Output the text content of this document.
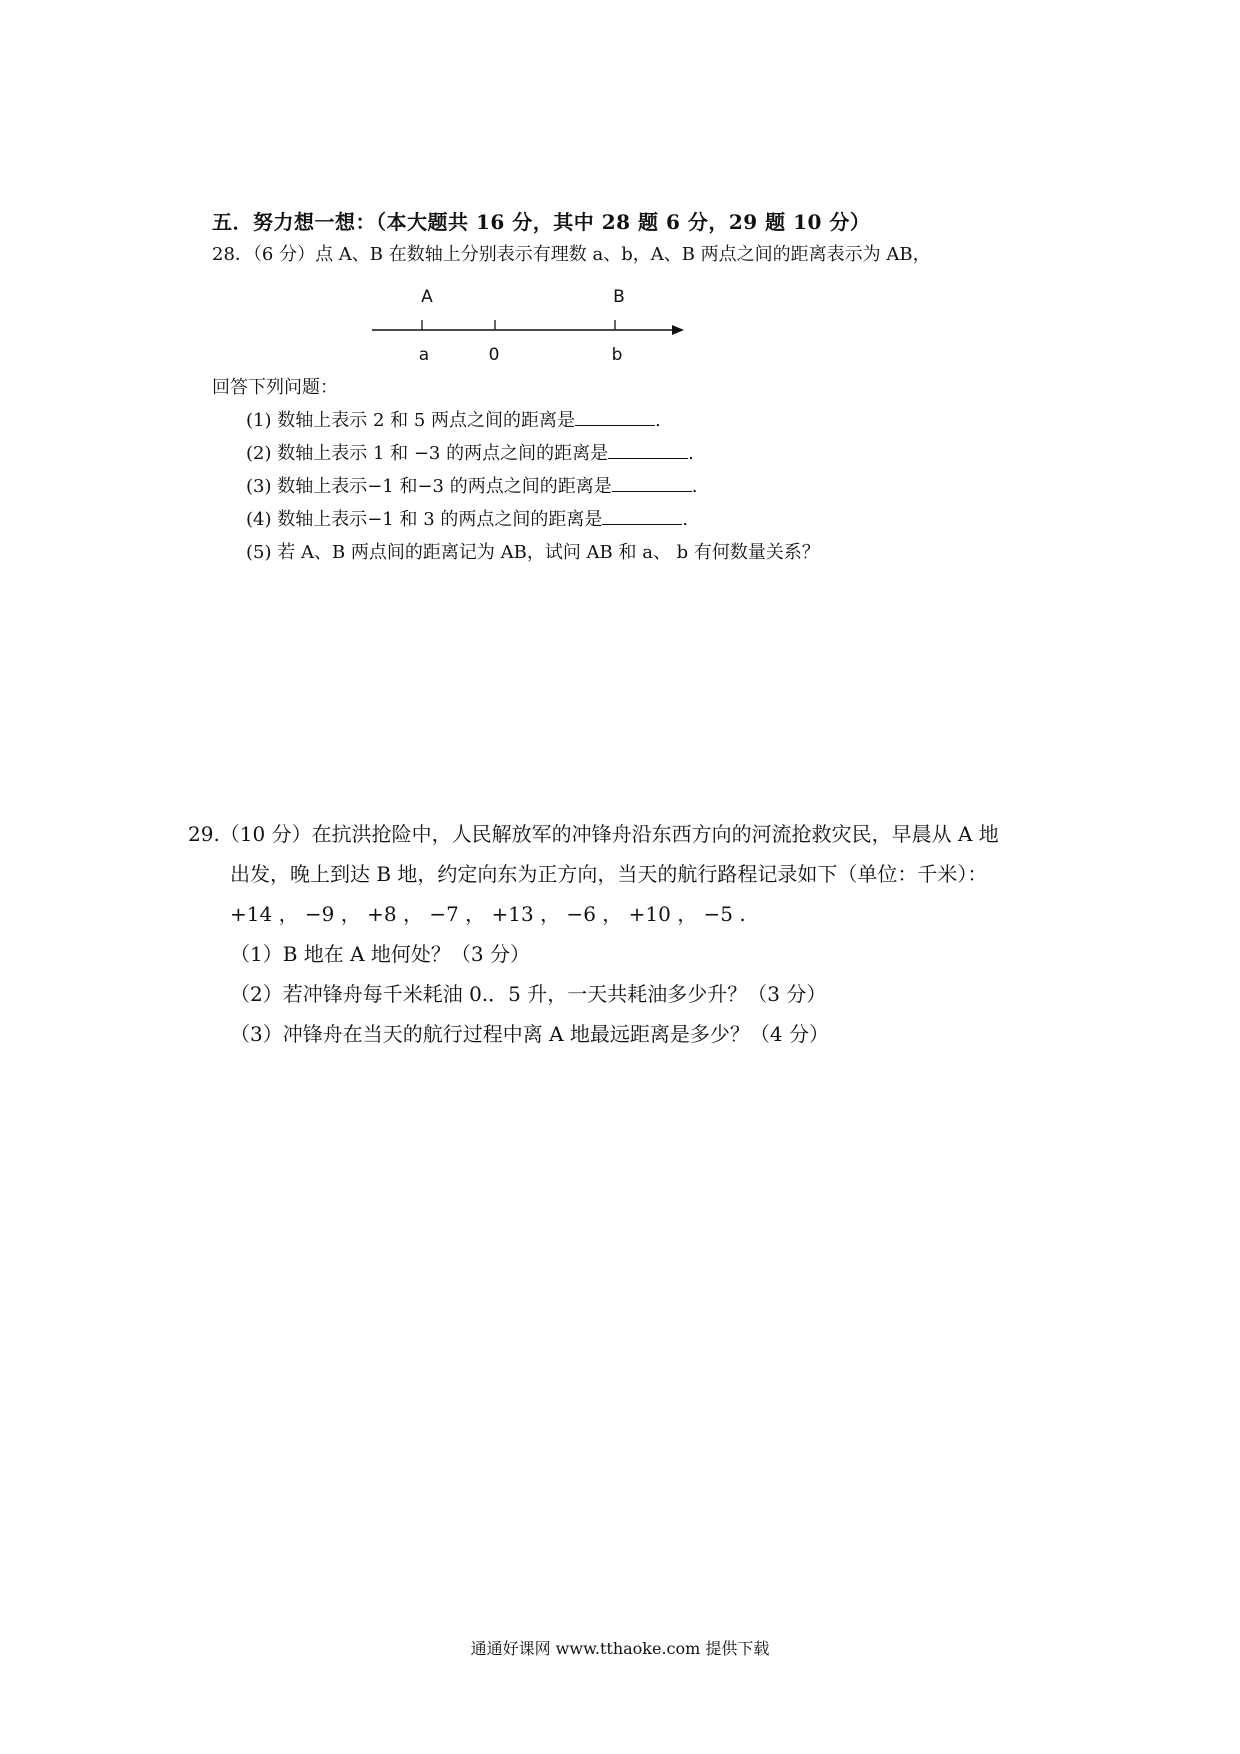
五．努力想一想：（本大题共 16 分，其中 28 题 6 分，29 题 10 分）
28．（6 分）点 A、B 在数轴上分别表示有理数 a、b，A、B 两点之间的距离表示为 AB，
A	B
a	0	b
回答下列问题：
(1) 数轴上表示 2 和 5 两点之间的距离是	.
(2) 数轴上表示 1 和 −3 的两点之间的距离是	.
(3) 数轴上表示−1 和−3 的两点之间的距离是	.
(4) 数轴上表示−1 和 3 的两点之间的距离是	.
(5) 若 A、B 两点间的距离记为 AB，试问 AB 和 a、 b 有何数量关系？
29.（10 分）在抗洪抢险中，人民解放军的冲锋舟沿东西方向的河流抢救灾民，早晨从 A 地
出发，晚上到达 B 地，约定向东为正方向，当天的航行路程记录如下（单位：千米）：
+14 ， −9 ， +8 ， −7 ， +13 ， −6 ， +10 ， −5 .
（1）B 地在 A 地何处？（3 分）
（2）若冲锋舟每千米耗油 0.．5 升，一天共耗油多少升？（3 分）
（3）冲锋舟在当天的航行过程中离 A 地最远距离是多少？（4 分）
通通好课网 www.tthaoke.com 提供下载
